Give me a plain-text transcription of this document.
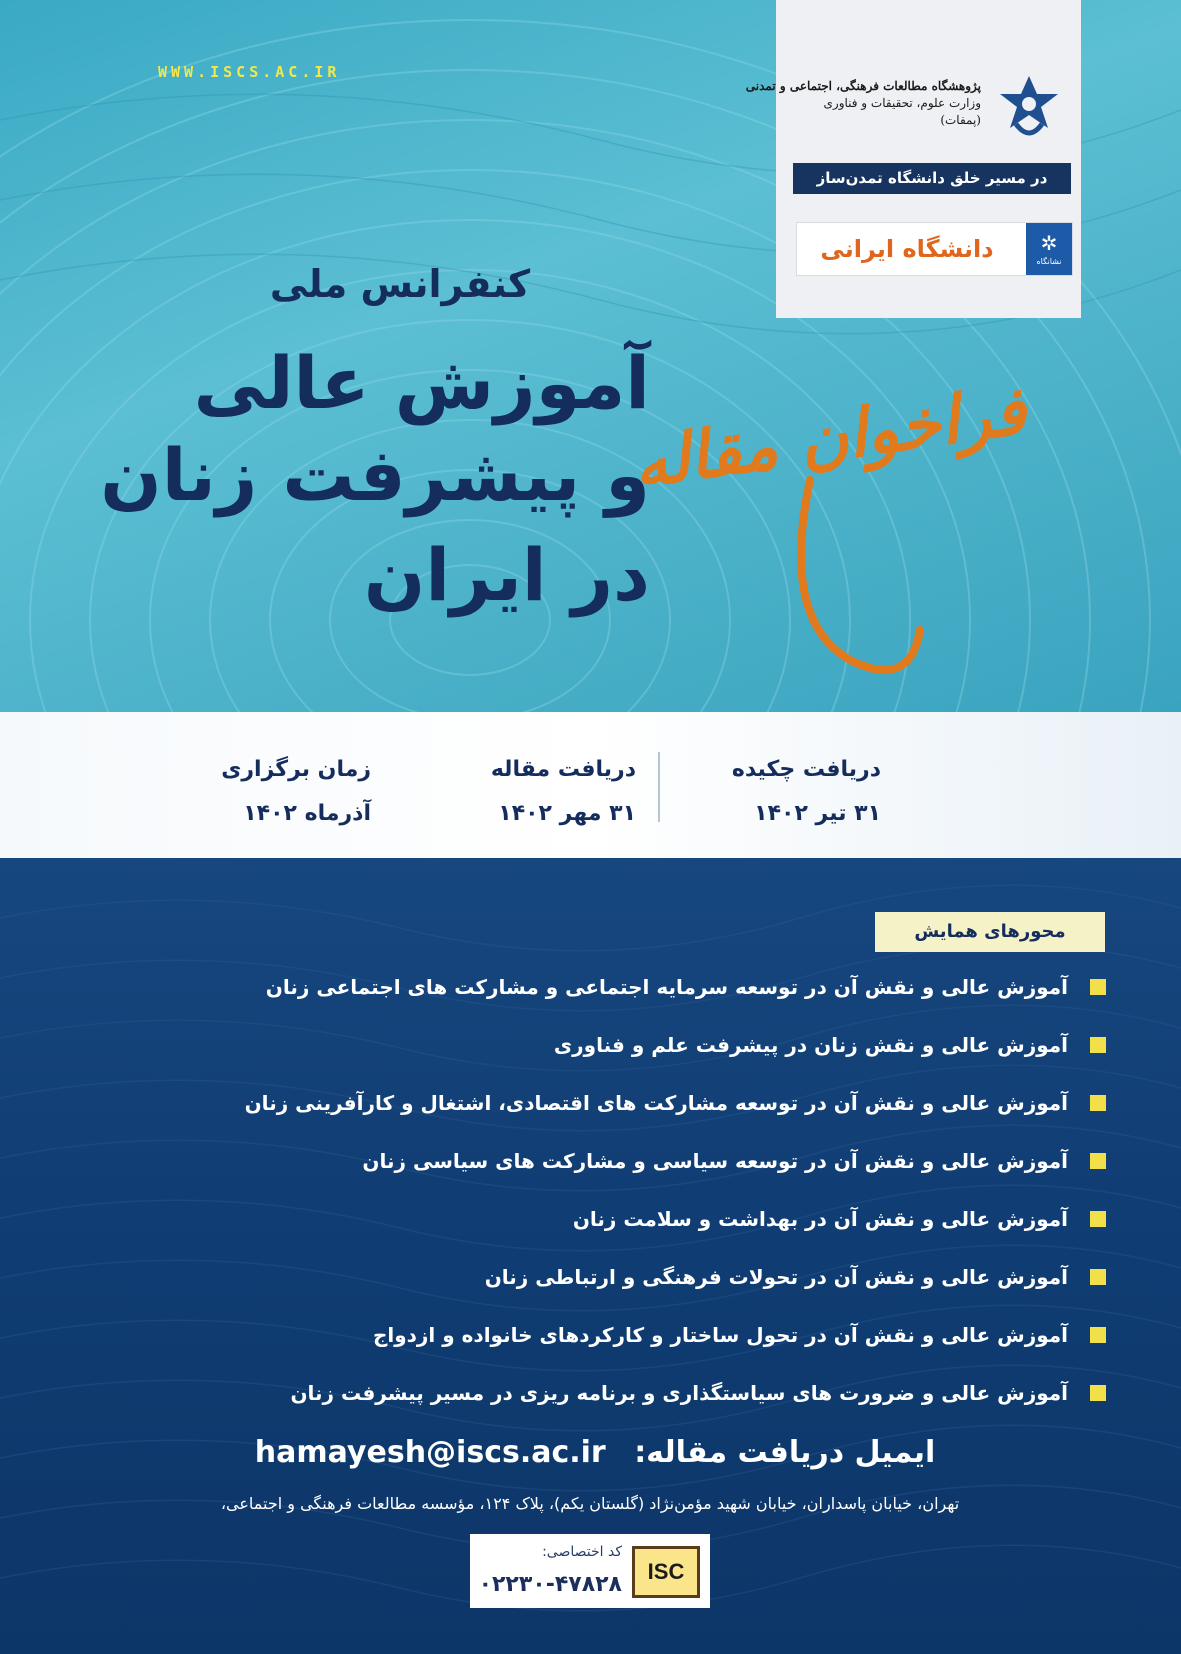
WWW.ISCS.AC.IR
پژوهشگاه مطالعات فرهنگی، اجتماعی و تمدنی
وزارت علوم، تحقیقات و فناوری
(پمفات)
در مسیر خلق دانشگاه تمدن‌ساز
دانشگاه ایرانی	✲
نشانگاه
کنفرانس ملی
آموزش عالی
و پیشرفت زنان
در ایران
فراخوان مقاله
دریافت چکیده
۳۱ تیر ۱۴۰۲
دریافت مقاله
۳۱ مهر ۱۴۰۲
زمان برگزاری
آذرماه ۱۴۰۲
محورهای همایش
آموزش عالی و نقش آن در توسعه سرمایه اجتماعی و مشارکت های اجتماعی زنان
آموزش عالی و نقش زنان در پیشرفت علم و فناوری
آموزش عالی و نقش آن در توسعه مشارکت های اقتصادی، اشتغال و کارآفرینی زنان
آموزش عالی و نقش آن در توسعه سیاسی و مشارکت های سیاسی زنان
آموزش عالی و نقش آن در بهداشت و سلامت زنان
آموزش عالی و نقش آن در تحولات فرهنگی و ارتباطی زنان
آموزش عالی و نقش آن در تحول ساختار و کارکردهای خانواده و ازدواج
آموزش عالی و ضرورت های سیاستگذاری و برنامه ریزی در مسیر پیشرفت زنان
ایمیل دریافت مقاله: hamayesh@iscs.ac.ir
تهران، خیابان پاسداران، خیابان شهید مؤمن‌نژاد (گلستان یکم)، پلاک ۱۲۴، مؤسسه مطالعات فرهنگی و اجتماعی،
ISC
کد اختصاصی:
۰۲۲۳۰-۴۷۸۲۸
